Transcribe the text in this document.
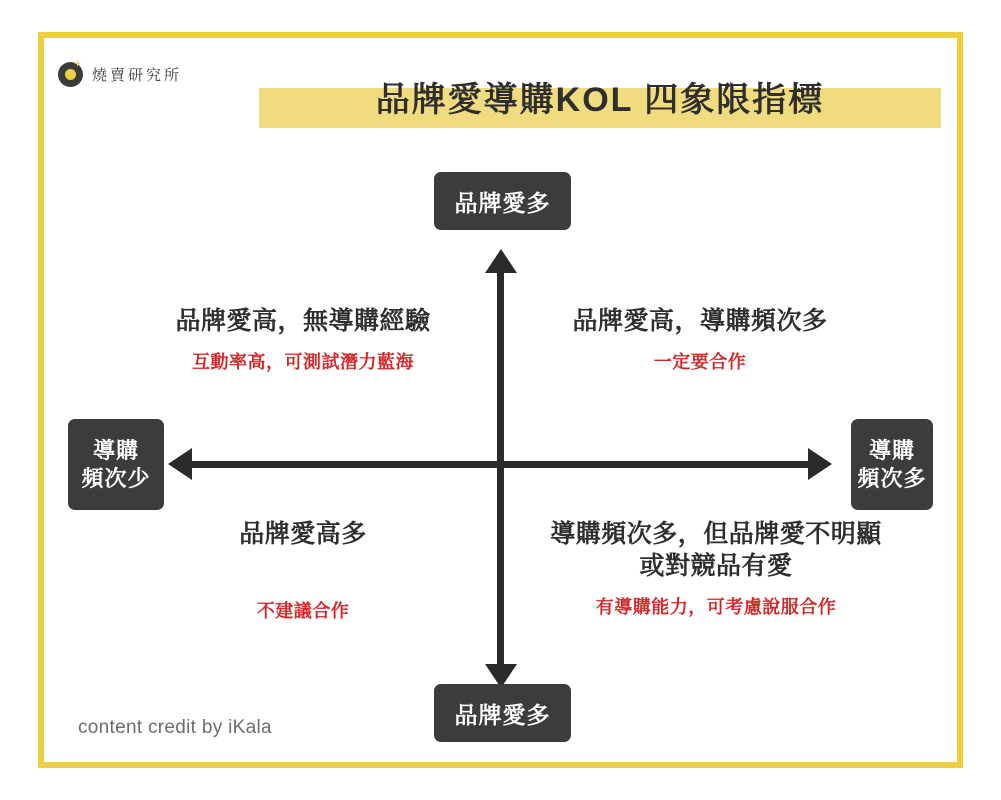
燒賣研究所
品牌愛導購KOL 四象限指標
品牌愛多
品牌愛多
導購
頻次少
導購
頻次多
品牌愛高，無導購經驗
互動率高，可測試潛力藍海
品牌愛高，導購頻次多
一定要合作
品牌愛高多
不建議合作
導購頻次多，但品牌愛不明顯
或對競品有愛
有導購能力，可考慮說服合作
content credit by iKala
